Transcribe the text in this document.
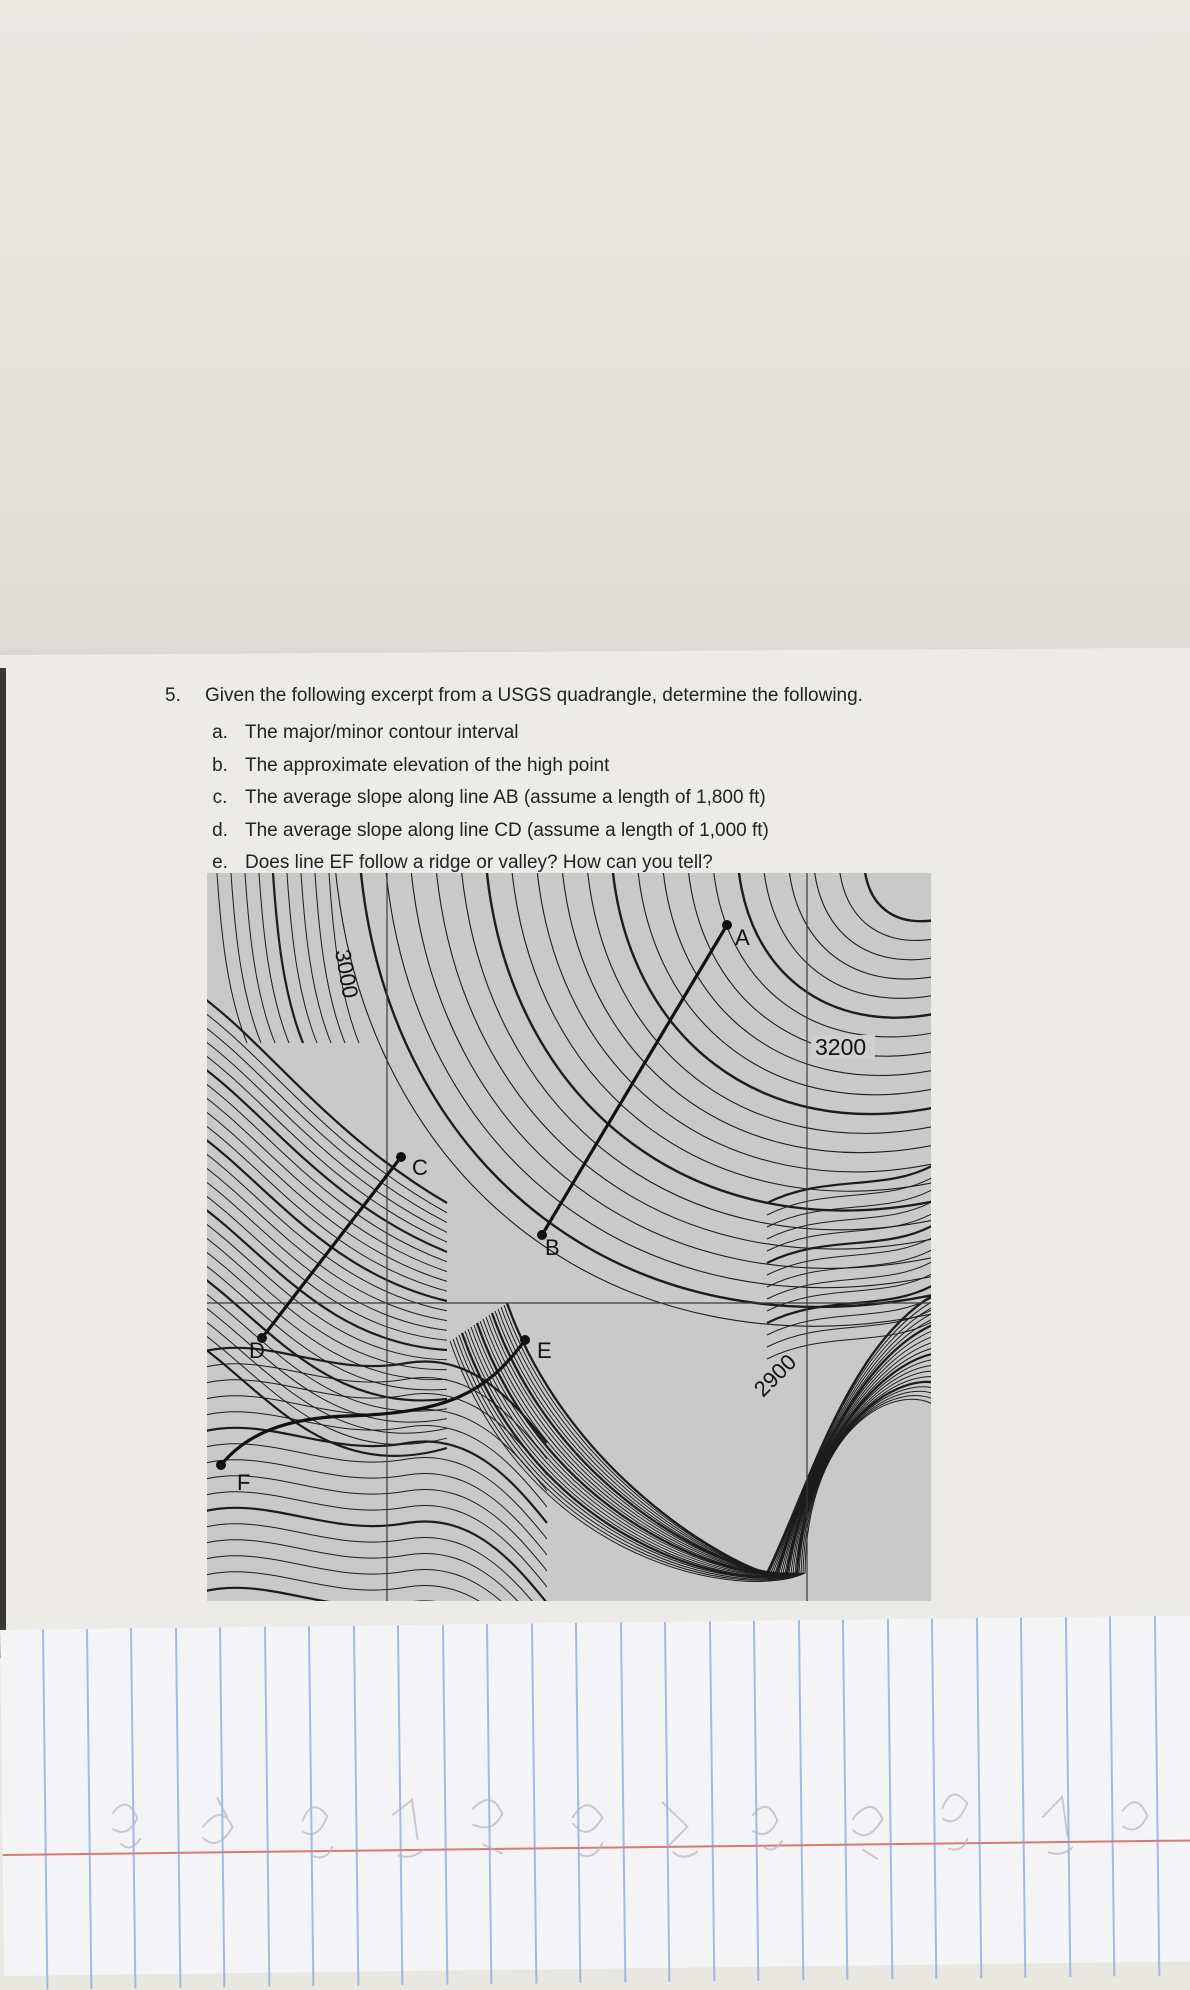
5. Given the following excerpt from a USGS quadrangle, determine the following.
a. The major/minor contour interval
b. The approximate elevation of the high point
c. The average slope along line AB (assume a length of 1,800 ft)
d. The average slope along line CD (assume a length of 1,000 ft)
e. Does line EF follow a ridge or valley? How can you tell?
A
B
C
D	E
F
3200
3000
2900
